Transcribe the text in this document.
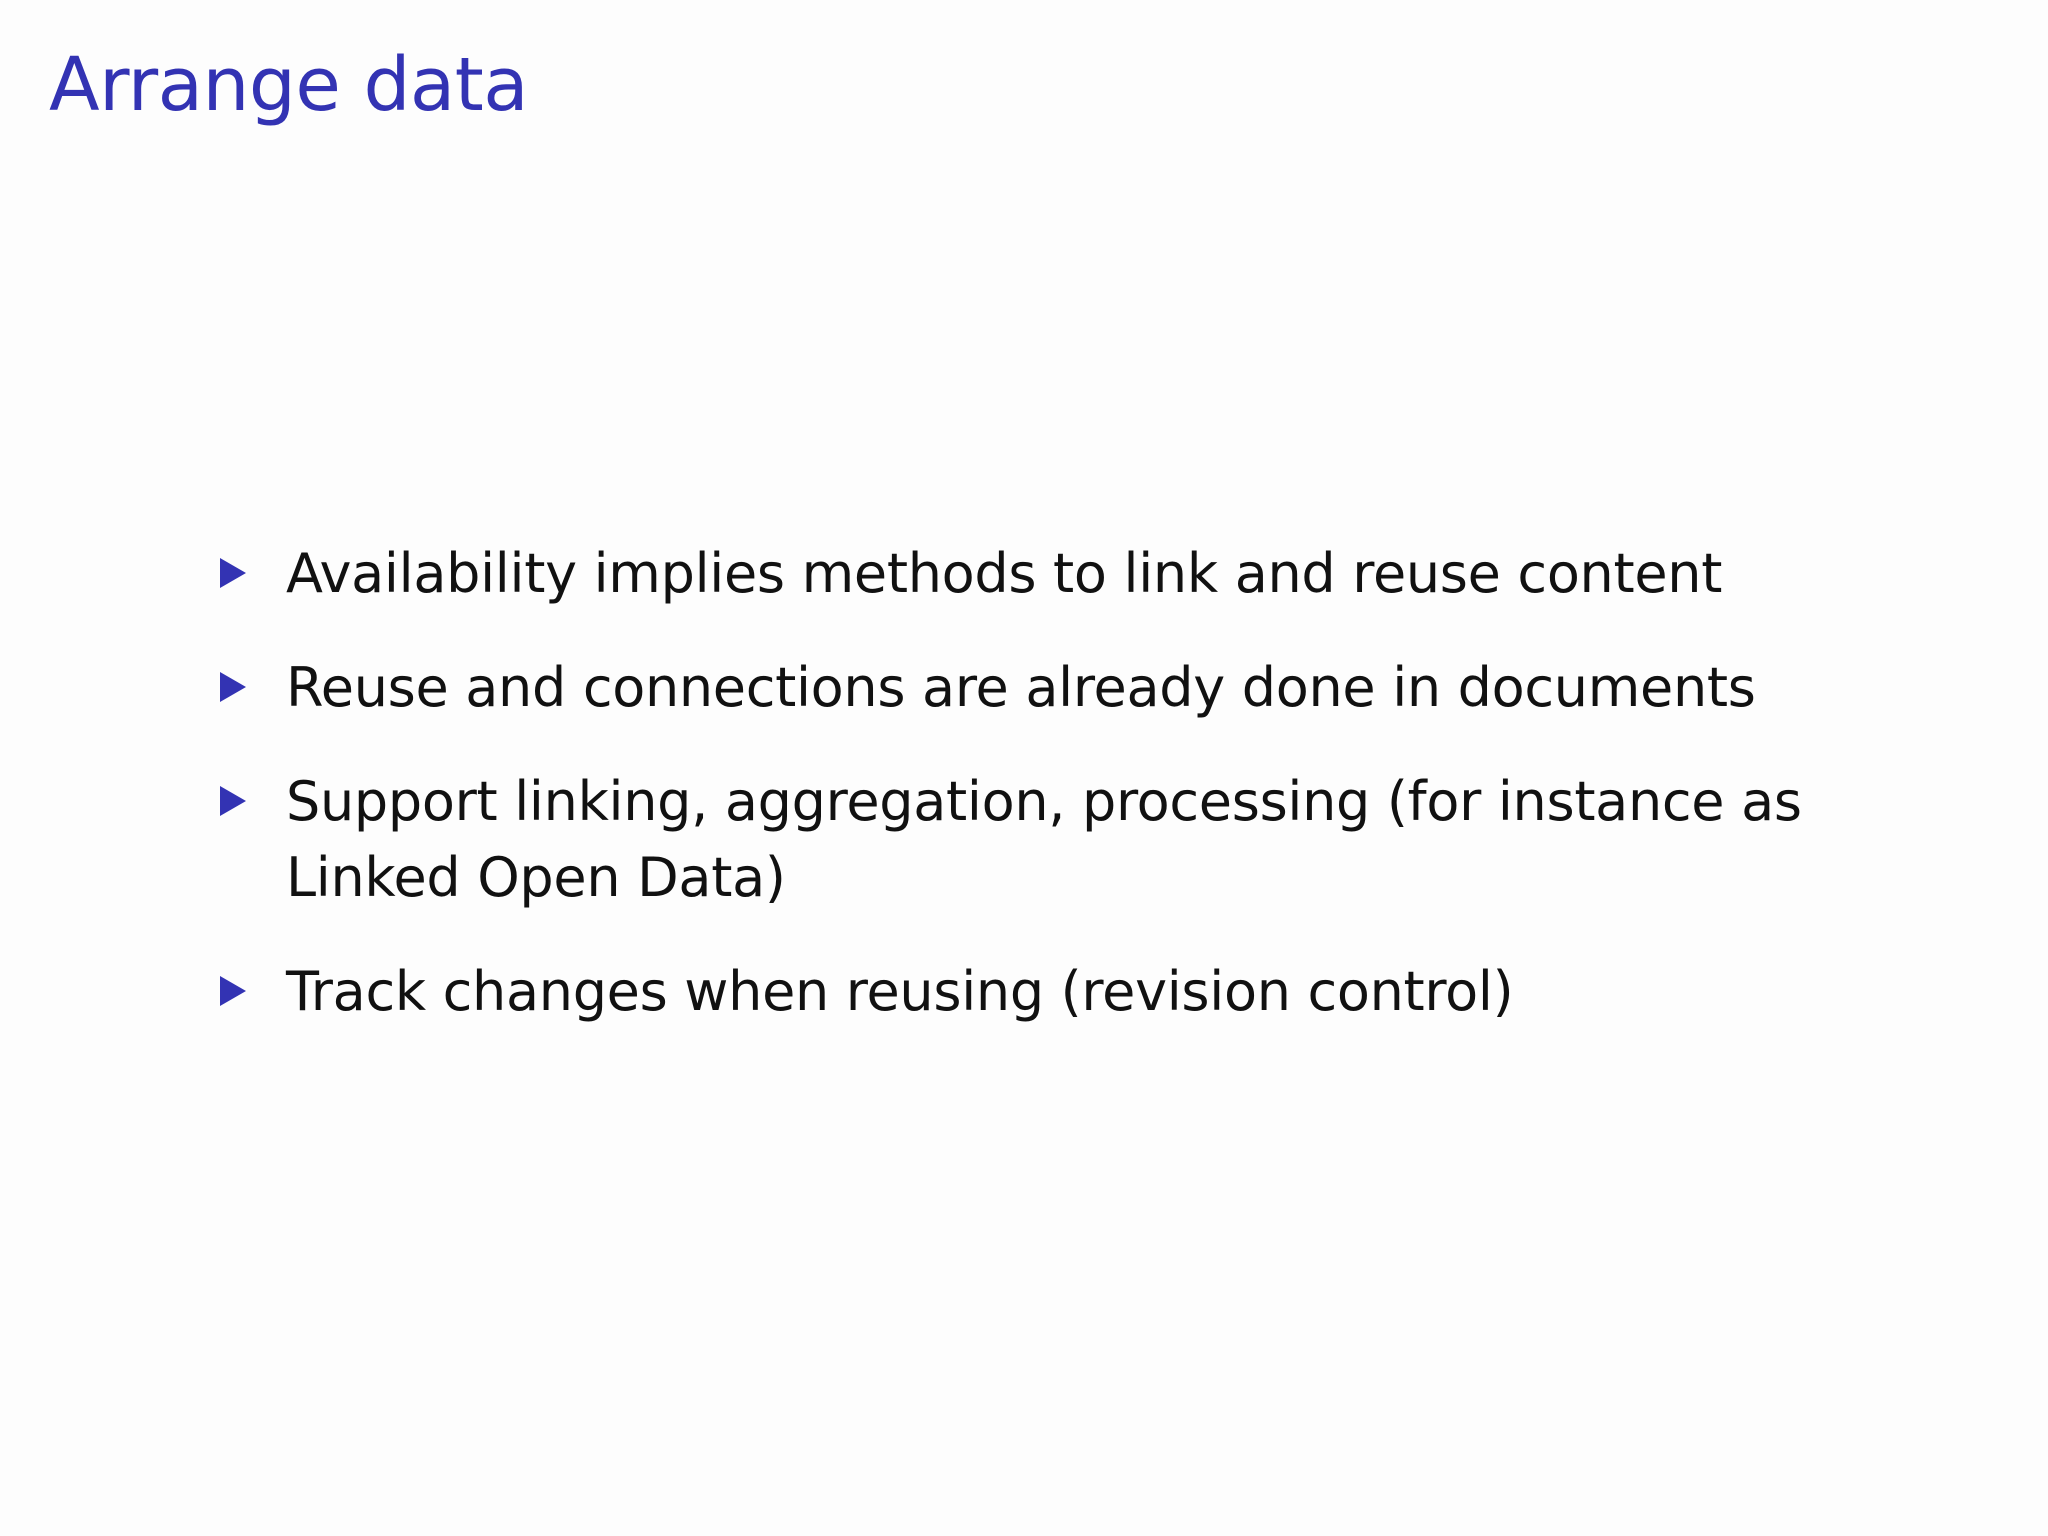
Arrange data
Availability implies methods to link and reuse content
Reuse and connections are already done in documents
Support linking, aggregation, processing (for instance as Linked Open Data)
Track changes when reusing (revision control)
